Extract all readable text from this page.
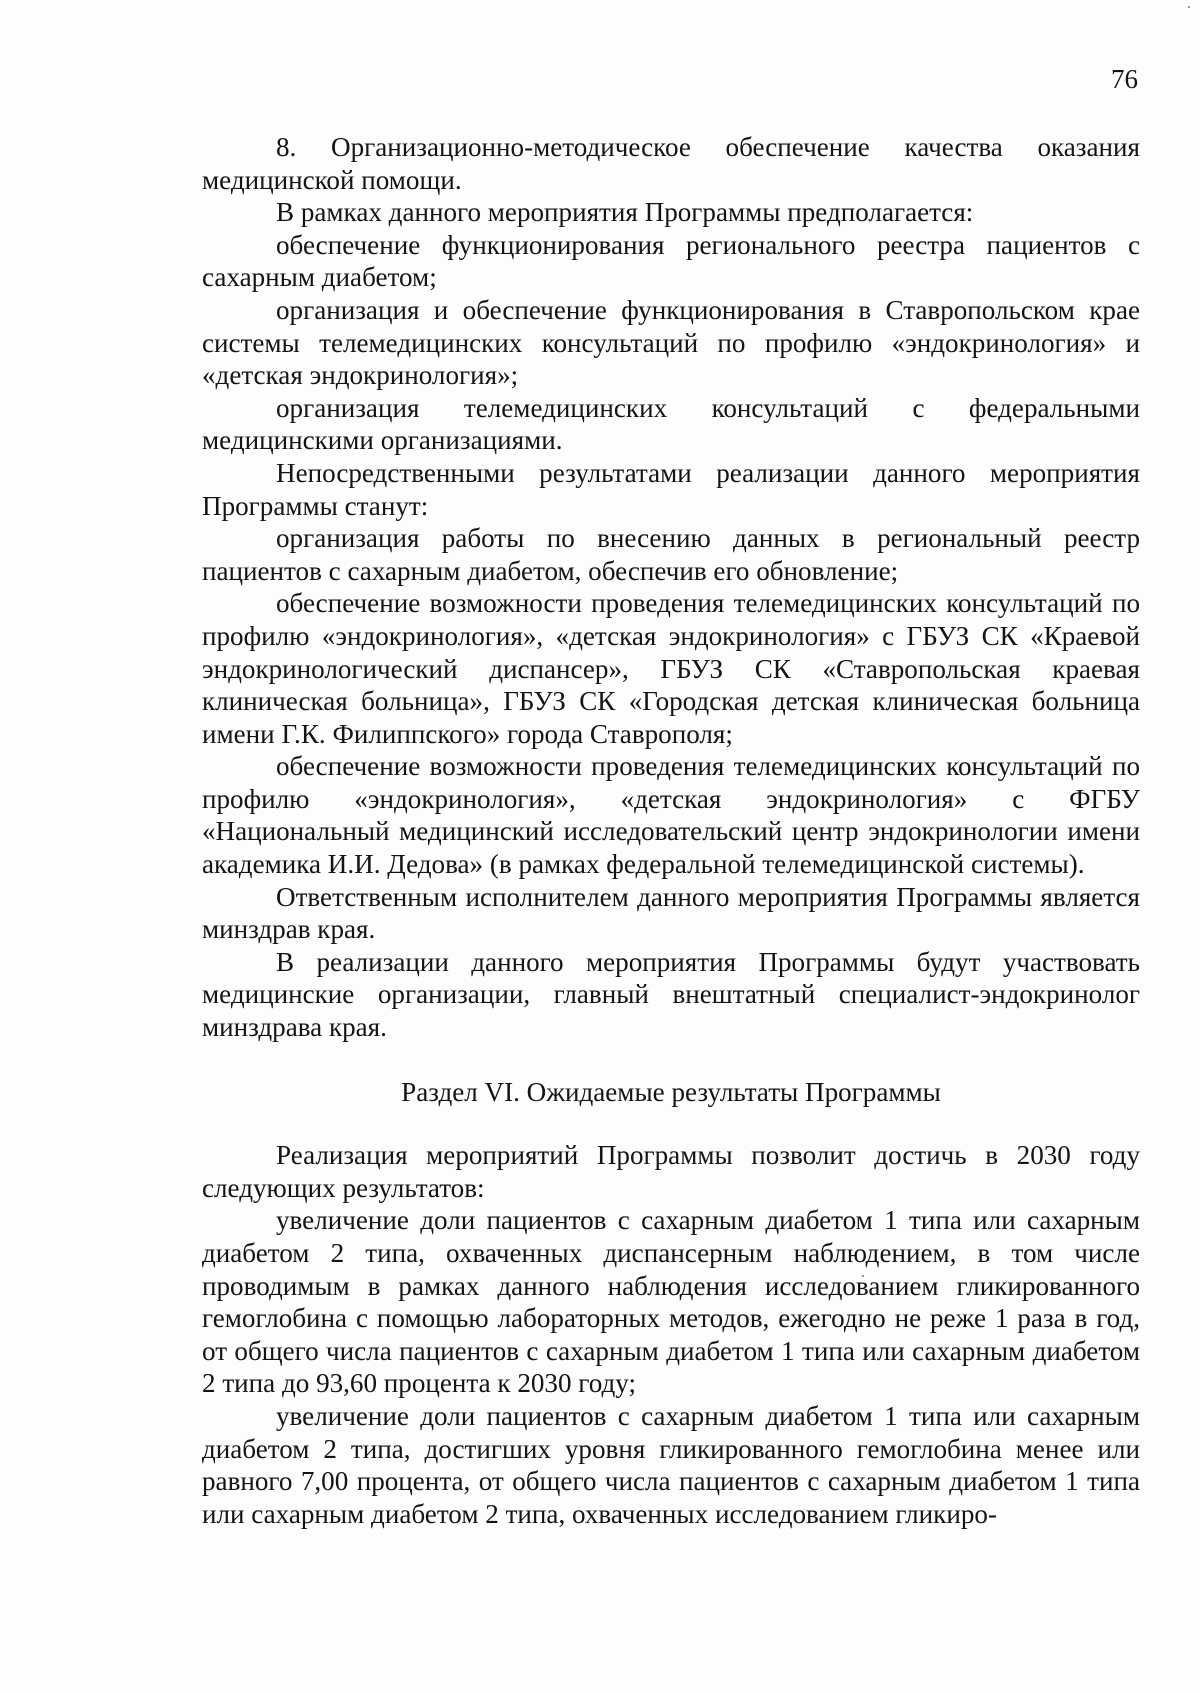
76

8. Организационно-методическое обеспечение качества оказания медицинской помощи.

В рамках данного мероприятия Программы предполагается:

обеспечение функционирования регионального реестра пациентов с сахарным диабетом;

организация и обеспечение функционирования в Ставропольском крае системы телемедицинских консультаций по профилю «эндокринология» и «детская эндокринология»;

организация телемедицинских консультаций с федеральными медицинскими организациями.

Непосредственными результатами реализации данного мероприятия Программы станут:

организация работы по внесению данных в региональный реестр пациентов с сахарным диабетом, обеспечив его обновление;

обеспечение возможности проведения телемедицинских консультаций по профилю «эндокринология», «детская эндокринология» с ГБУЗ СК «Краевой эндокринологический диспансер», ГБУЗ СК «Ставропольская краевая клиническая больница», ГБУЗ СК «Городская детская клиническая больница имени Г.К. Филиппского» города Ставрополя;

обеспечение возможности проведения телемедицинских консультаций по профилю «эндокринология», «детская эндокринология» с ФГБУ «Национальный медицинский исследовательский центр эндокринологии имени академика И.И. Дедова» (в рамках федеральной телемедицинской системы).

Ответственным исполнителем данного мероприятия Программы является минздрав края.

В реализации данного мероприятия Программы будут участвовать медицинские организации, главный внештатный специалист-эндокринолог минздрава края.

Раздел VI. Ожидаемые результаты Программы

Реализация мероприятий Программы позволит достичь в 2030 году следующих результатов:

увеличение доли пациентов с сахарным диабетом 1 типа или сахарным диабетом 2 типа, охваченных диспансерным наблюдением, в том числе проводимым в рамках данного наблюдения исследованием гликированного гемоглобина с помощью лабораторных методов, ежегодно не реже 1 раза в год, от общего числа пациентов с сахарным диабетом 1 типа или сахарным диабетом 2 типа до 93,60 процента к 2030 году;

увеличение доли пациентов с сахарным диабетом 1 типа или сахарным диабетом 2 типа, достигших уровня гликированного гемоглобина менее или равного 7,00 процента, от общего числа пациентов с сахарным диабетом 1 типа или сахарным диабетом 2 типа, охваченных исследованием гликиро-
